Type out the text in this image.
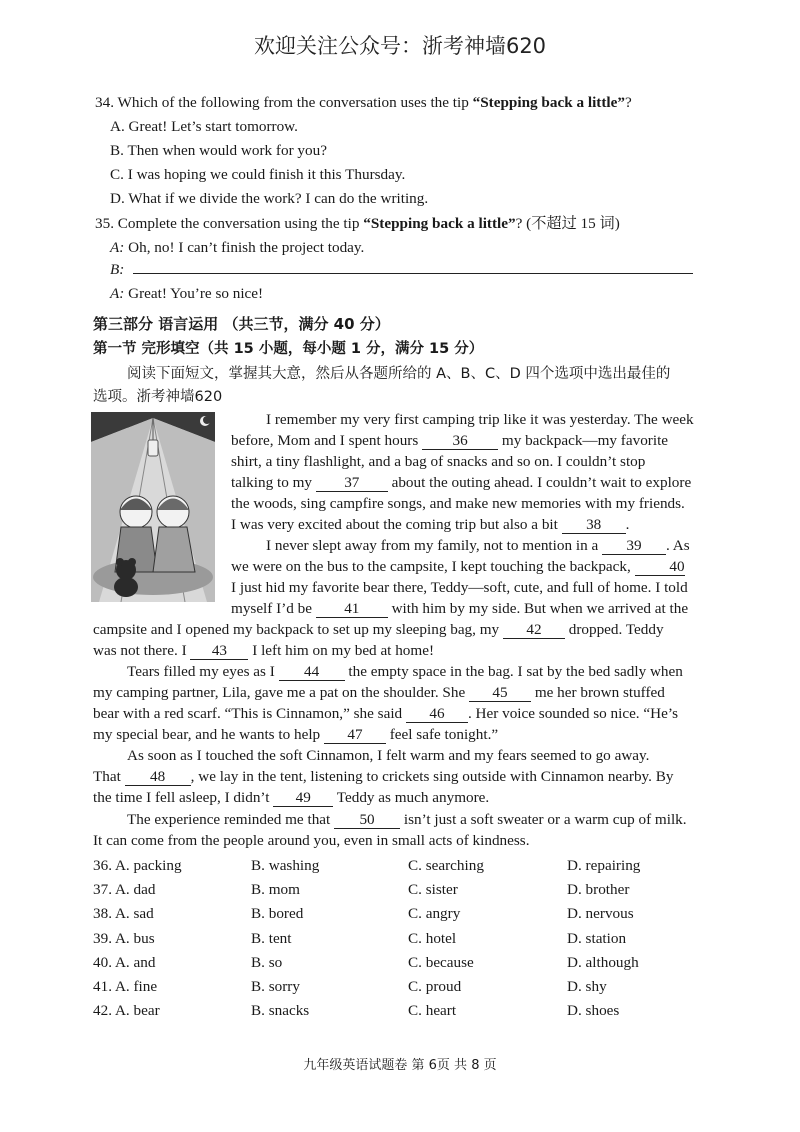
欢迎关注公众号：浙考神墙620
34. Which of the following from the conversation uses the tip “Stepping back a little”?
A. Great! Let’s start tomorrow.
B. Then when would work for you?
C. I was hoping we could finish it this Thursday.
D. What if we divide the work? I can do the writing.
35. Complete the conversation using the tip “Stepping back a little”? (不超过 15 词)
A: Oh, no! I can’t finish the project today.
B:
A: Great! You’re so nice!
第三部分 语言运用 （共三节，满分 40 分）
第一节 完形填空（共 15 小题，每小题 1 分，满分 15 分）
阅读下面短文，掌握其大意，然后从各题所给的 A、B、C、D 四个选项中选出最佳的
选项。浙考神墙620
I remember my very first camping trip like it was yesterday. The week
before, Mom and I spent hours 36 my backpack—my favorite
shirt, a tiny flashlight, and a bag of snacks and so on. I couldn’t stop
talking to my 37 about the outing ahead. I couldn’t wait to explore
the woods, sing campfire songs, and make new memories with my friends.
I was very excited about the coming trip but also a bit 38 .
I never slept away from my family, not to mention in a 39 . As
we were on the bus to the campsite, I kept touching the backpack,	40
I just hid my favorite bear there, Teddy—soft, cute, and full of home. I told
myself I’d be 41 with him by my side. But when we arrived at the
campsite and I opened my backpack to set up my sleeping bag, my 42 dropped. Teddy
was not there. I 43 I left him on my bed at home!
Tears filled my eyes as I 44 the empty space in the bag. I sat by the bed sadly when
my camping partner, Lila, gave me a pat on the shoulder. She 45 me her brown stuffed
bear with a red scarf. “This is Cinnamon,” she said 46 . Her voice sounded so nice. “He’s
my special bear, and he wants to help 47 feel safe tonight.”
As soon as I touched the soft Cinnamon, I felt warm and my fears seemed to go away.
That 48 , we lay in the tent, listening to crickets sing outside with Cinnamon nearby. By
the time I fell asleep, I didn’t 49 Teddy as much anymore.
The experience reminded me that 50 isn’t just a soft sweater or a warm cup of milk.
It can come from the people around you, even in small acts of kindness.
36. A. packing	B. washing	C. searching	D. repairing
37. A. dad	B. mom	C. sister	D. brother
38. A. sad	B. bored	C. angry	D. nervous
39. A. bus	B. tent	C. hotel	D. station
40. A. and	B. so	C. because	D. although
41. A. fine	B. sorry	C. proud	D. shy
42. A. bear	B. snacks	C. heart	D. shoes
九年级英语试题卷 第 6页 共 8 页
